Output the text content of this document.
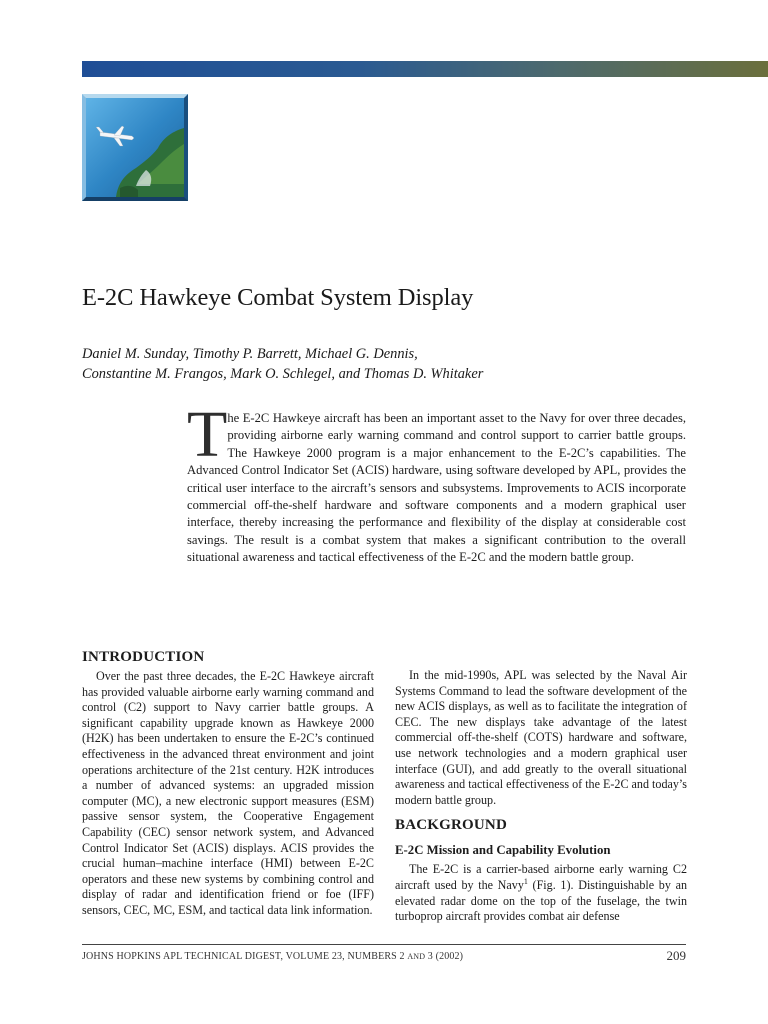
E-2C Hawkeye Combat System Display
Daniel M. Sunday, Timothy P. Barrett, Michael G. Dennis,
Constantine M. Frangos, Mark O. Schlegel, and Thomas D. Whitaker

The E-2C Hawkeye aircraft has been an important asset to the Navy for over three decades, providing airborne early warning command and control support to carrier battle groups. The Hawkeye 2000 program is a major enhancement to the E-2C’s capabilities. The Advanced Control Indicator Set (ACIS) hardware, using software developed by APL, provides the critical user interface to the aircraft’s sensors and subsystems. Improvements to ACIS incorporate commercial off-the-shelf hardware and software components and a modern graphical user interface, thereby increasing the performance and flexibility of the display at considerable cost savings. The result is a combat system that makes a significant contribution to the overall situational awareness and tactical effectiveness of the E-2C and the modern battle group.

INTRODUCTION

Over the past three decades, the E-2C Hawkeye aircraft has provided valuable airborne early warning command and control (C2) support to Navy carrier battle groups. A significant capability upgrade known as Hawkeye 2000 (H2K) has been undertaken to ensure the E-2C’s continued effectiveness in the advanced threat environment and joint operations architecture of the 21st century. H2K introduces a number of advanced systems: an upgraded mission computer (MC), a new electronic support measures (ESM) passive sensor system, the Cooperative Engagement Capability (CEC) sensor network system, and Advanced Control Indicator Set (ACIS) displays. ACIS provides the crucial human–machine interface (HMI) between E-2C operators and these new systems by combining control and display of radar and identification friend or foe (IFF) sensors, CEC, MC, ESM, and tactical data link information.

In the mid-1990s, APL was selected by the Naval Air Systems Command to lead the software development of the new ACIS displays, as well as to facilitate the integration of CEC. The new displays take advantage of the latest commercial off-the-shelf (COTS) hardware and software, use network technologies and a modern graphical user interface (GUI), and add greatly to the overall situational awareness and tactical effectiveness of the E-2C and today’s modern battle group.

BACKGROUND
E-2C Mission and Capability Evolution

The E-2C is a carrier-based airborne early warning C2 aircraft used by the Navy$^1$ (Fig. 1). Distinguishable by an elevated radar dome on the top of the fuselage, the twin turboprop aircraft provides combat air defense

JOHNS HOPKINS APL TECHNICAL DIGEST, VOLUME 23, NUMBERS 2 AND 3 (2002)	209
